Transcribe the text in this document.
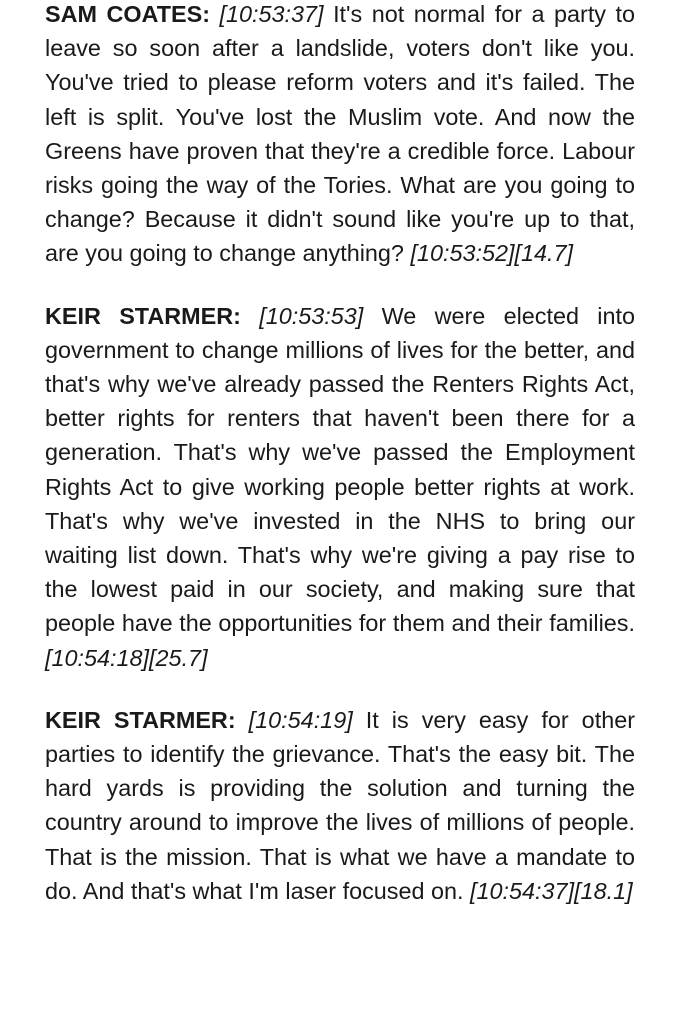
SAM COATES: [10:53:37] It's not normal for a party to leave so soon after a landslide, voters don't like you. You've tried to please reform voters and it's failed. The left is split. You've lost the Muslim vote. And now the Greens have proven that they're a credible force. Labour risks going the way of the Tories. What are you going to change? Because it didn't sound like you're up to that, are you going to change anything? [10:53:52][14.7]

KEIR STARMER: [10:53:53] We were elected into government to change millions of lives for the better, and that's why we've already passed the Renters Rights Act, better rights for renters that haven't been there for a generation. That's why we've passed the Employment Rights Act to give working people better rights at work. That's why we've invested in the NHS to bring our waiting list down. That's why we're giving a pay rise to the lowest paid in our society, and making sure that people have the opportunities for them and their families. [10:54:18][25.7]

KEIR STARMER: [10:54:19] It is very easy for other parties to identify the grievance. That's the easy bit. The hard yards is providing the solution and turning the country around to improve the lives of millions of people. That is the mission. That is what we have a mandate to do. And that's what I'm laser focused on. [10:54:37][18.1]
